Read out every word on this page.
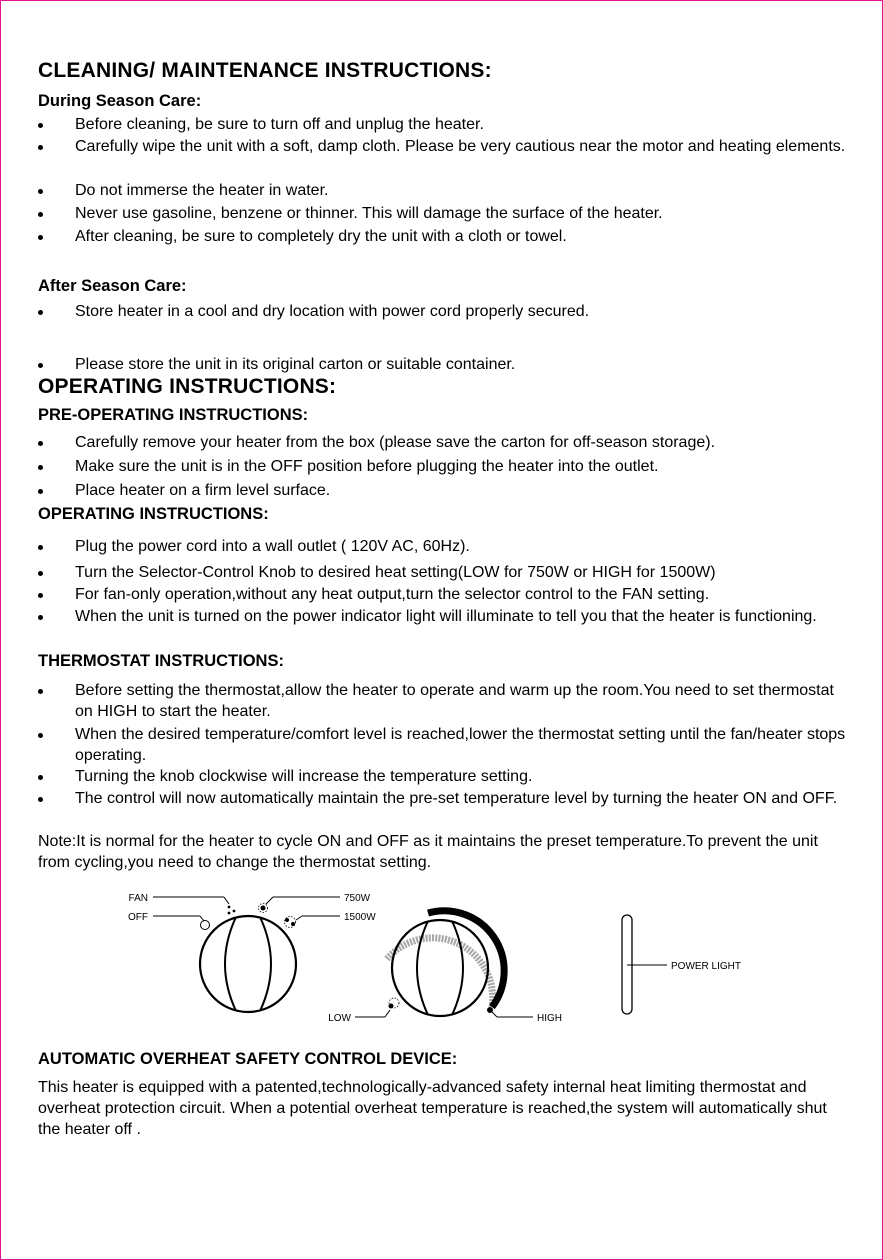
CLEANING/ MAINTENANCE INSTRUCTIONS:
During Season Care:
Before cleaning, be sure to turn off and unplug the heater.
Carefully wipe the unit with a soft, damp cloth. Please be very cautious near the motor and heating elements.
Do not immerse the heater in water.
Never use gasoline, benzene or thinner. This will damage the surface of the heater.
After cleaning, be sure to completely dry the unit with a cloth or towel.
After Season Care:
Store heater in a cool and dry location with power cord properly secured.
Please store the unit in its original carton or suitable container.
OPERATING INSTRUCTIONS:
PRE-OPERATING INSTRUCTIONS:
Carefully remove your heater from the box (please save the carton for off-season storage).
Make sure the unit is in the OFF position before plugging the heater into the outlet.
Place heater on a firm level surface.
OPERATING INSTRUCTIONS:
Plug the power cord into a wall outlet ( 120V AC, 60Hz).
Turn the Selector-Control Knob to desired heat setting(LOW for 750W or HIGH for 1500W)
For fan-only operation,without any heat output,turn the selector control to the FAN setting.
When the unit is turned on the power indicator light will illuminate to tell you that the heater is functioning.
THERMOSTAT INSTRUCTIONS:
Before setting the thermostat,allow the heater to operate and warm up the room.You need to set thermostat on HIGH to start the heater.
When the desired temperature/comfort level is reached,lower the thermostat setting until the fan/heater stops operating.
Turning the knob clockwise will increase the temperature setting.
The control will now automatically maintain the pre-set temperature level by turning the heater ON and OFF.
Note:It is normal for the heater to cycle ON and OFF as it maintains the preset temperature.To prevent the unit from cycling,you need to change the thermostat setting.
FAN
OFF
750W
1500W
LOW	HIGH
POWER LIGHT
AUTOMATIC OVERHEAT SAFETY CONTROL DEVICE:
This heater is equipped with a patented,technologically-advanced safety internal heat limiting thermostat and overheat protection circuit. When a potential overheat temperature is reached,the system will automatically shut the heater off .
